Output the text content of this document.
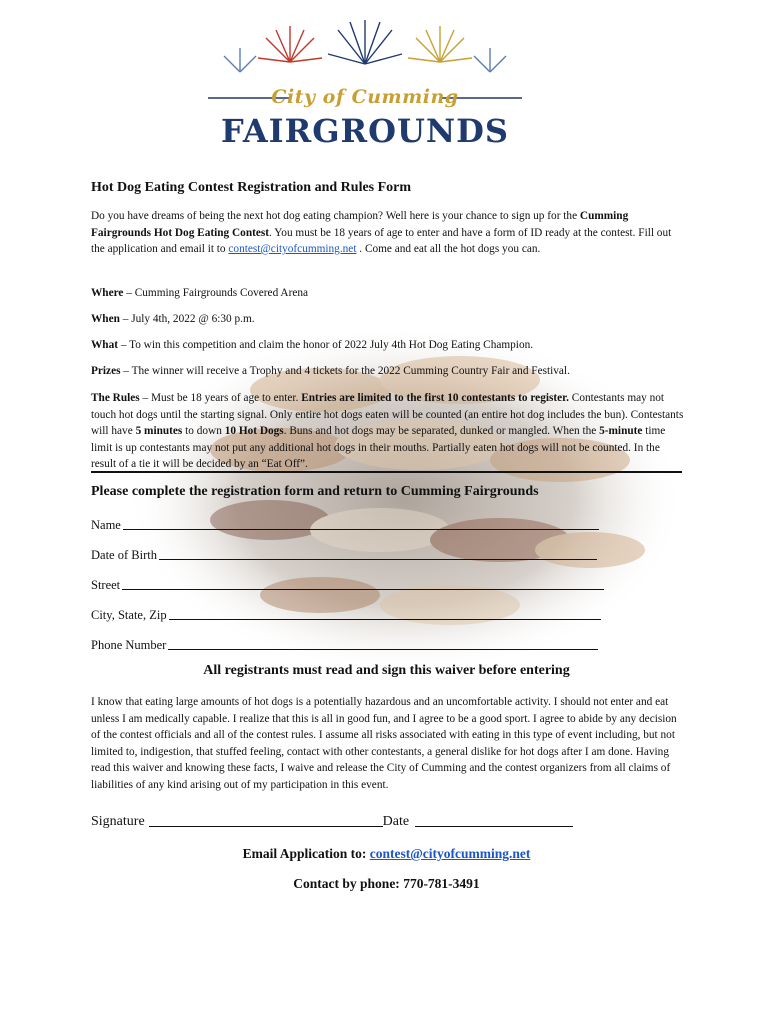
City of Cumming
FAIRGROUNDS
Hot Dog Eating Contest Registration and Rules Form
Do you have dreams of being the next hot dog eating champion? Well here is your chance to sign up for the Cumming Fairgrounds Hot Dog Eating Contest. You must be 18 years of age to enter and have a form of ID ready at the contest. Fill out the application and email it to contest@cityofcumming.net . Come and eat all the hot dogs you can.
Where – Cumming Fairgrounds Covered Arena
When – July 4th, 2022 @ 6:30 p.m.
What – To win this competition and claim the honor of 2022 July 4th Hot Dog Eating Champion.
Prizes – The winner will receive a Trophy and 4 tickets for the 2022 Cumming Country Fair and Festival.
The Rules – Must be 18 years of age to enter. Entries are limited to the first 10 contestants to register. Contestants may not touch hot dogs until the starting signal. Only entire hot dogs eaten will be counted (an entire hot dog includes the bun). Contestants will have 5 minutes to down 10 Hot Dogs. Buns and hot dogs may be separated, dunked or mangled. When the 5-minute time limit is up contestants may not put any additional hot dogs in their mouths. Partially eaten hot dogs will not be counted. In the result of a tie it will be decided by an “Eat Off”.
Please complete the registration form and return to Cumming Fairgrounds
Name
Date of Birth
Street
City, State, Zip
Phone Number
All registrants must read and sign this waiver before entering
I know that eating large amounts of hot dogs is a potentially hazardous and an uncomfortable activity. I should not enter and eat unless I am medically capable. I realize that this is all in good fun, and I agree to be a good sport. I agree to abide by any decision of the contest officials and all of the contest rules. I assume all risks associated with eating in this type of event including, but not limited to, indigestion, that stuffed feeling, contact with other contestants, a general dislike for hot dogs after I am done. Having read this waiver and knowing these facts, I waive and release the City of Cumming and the contest organizers from all claims of liabilities of any kind arising out of my participation in this event.
Signature	Date
Email Application to: contest@cityofcumming.net
Contact by phone: 770-781-3491
